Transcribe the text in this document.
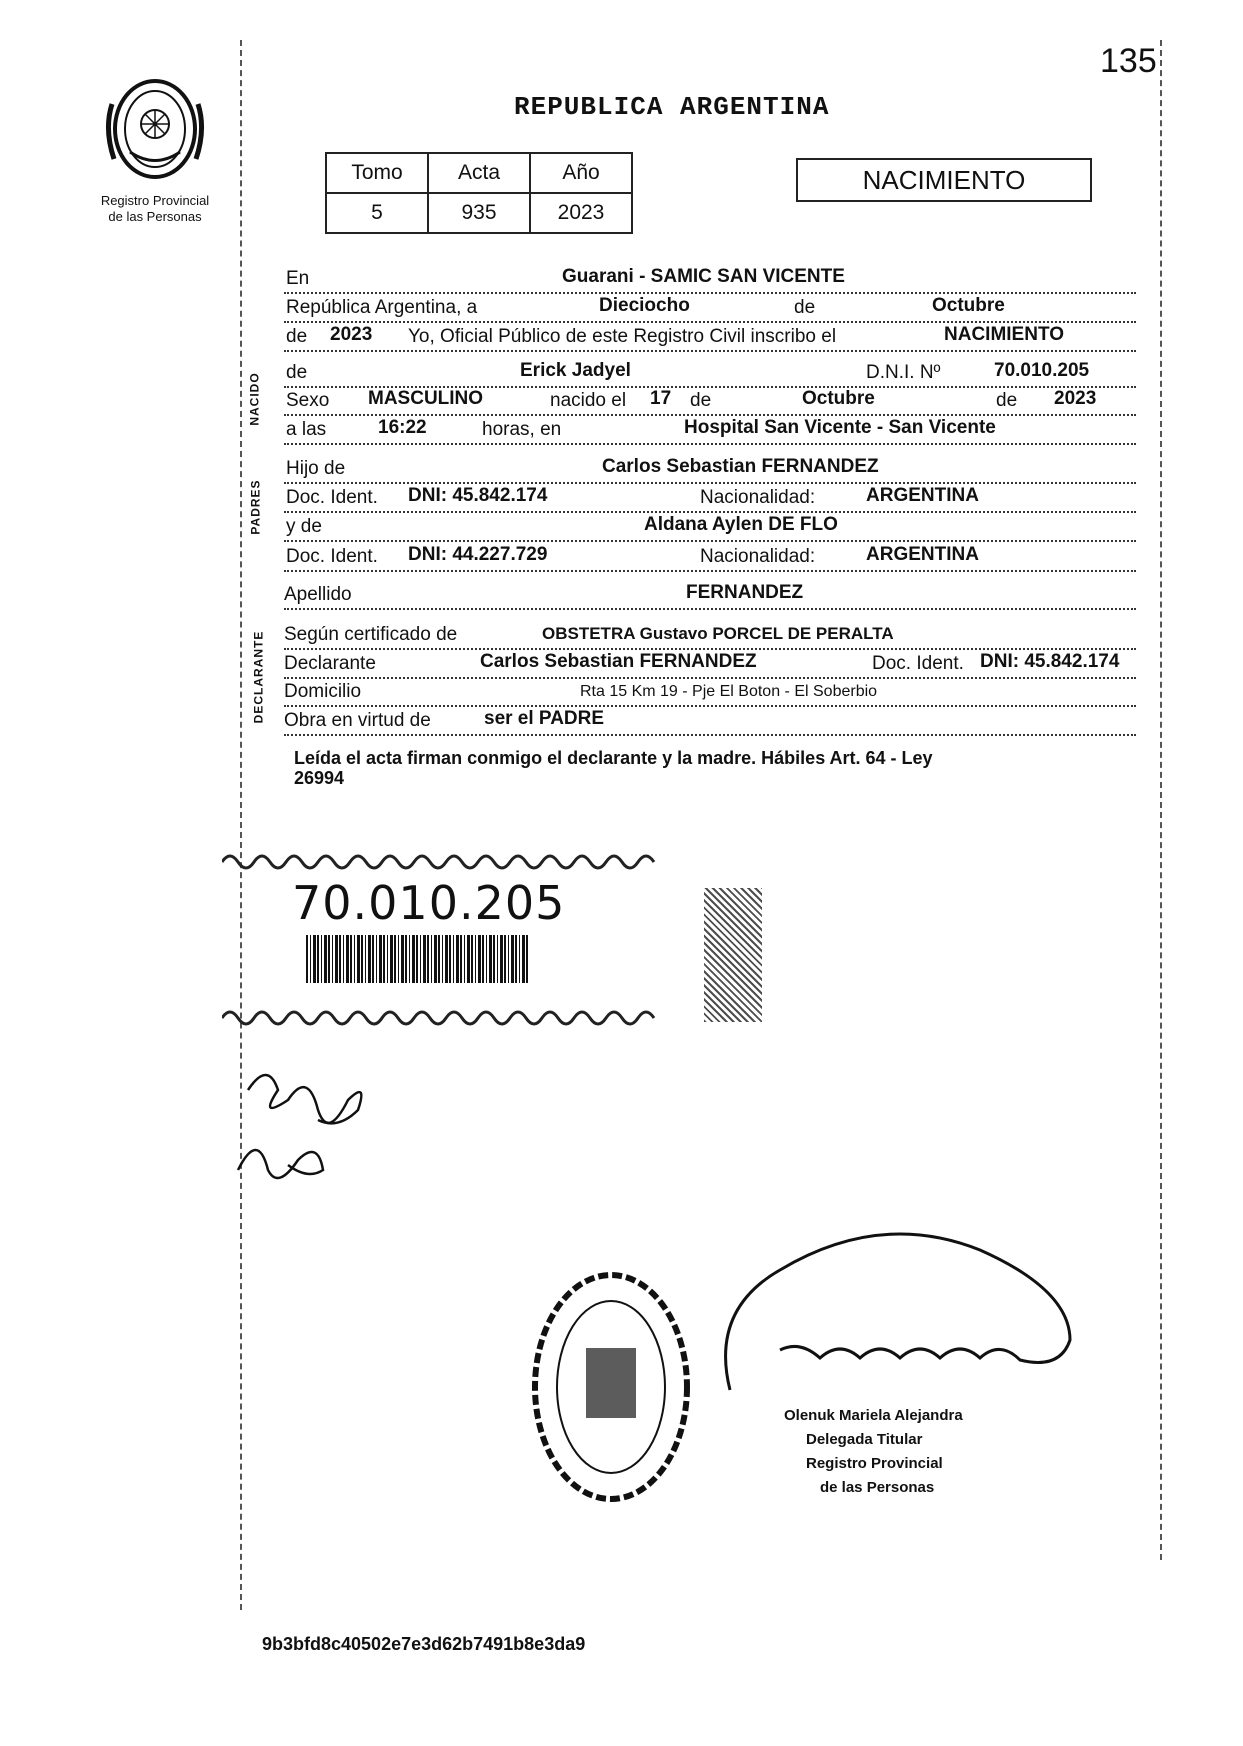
135
Registro Provincial
de las Personas
REPUBLICA ARGENTINA
Tomo	Acta	Año
5	935	2023
NACIMIENTO
NACIDO
PADRES
DECLARANTE
En	Guarani - SAMIC SAN VICENTE
República Argentina, a	Dieciocho	de	Octubre
de 2023 Yo, Oficial Público de este Registro Civil inscribo el	NACIMIENTO
de	Erick Jadyel	D.N.I. Nº	70.010.205
Sexo MASCULINO	nacido el 17 de	Octubre	de 2023
a las	16:22	horas, en	Hospital San Vicente - San Vicente
Hijo de	Carlos Sebastian FERNANDEZ
Doc. Ident. DNI: 45.842.174	Nacionalidad:	ARGENTINA
y de	Aldana Aylen DE FLO
Doc. Ident. DNI: 44.227.729	Nacionalidad:	ARGENTINA
Apellido	FERNANDEZ
Según certificado de	OBSTETRA Gustavo PORCEL DE PERALTA
Declarante	Carlos Sebastian FERNANDEZ	Doc. Ident. DNI: 45.842.174
Domicilio	Rta 15 Km 19 - Pje El Boton - El Soberbio
Obra en virtud de	ser el PADRE
Leída el acta firman conmigo el declarante y la madre. Hábiles Art. 64 - Ley
26994
70.010.205
Olenuk Mariela Alejandra
Delegada Titular
Registro Provincial
de las Personas
9b3bfd8c40502e7e3d62b7491b8e3da9
